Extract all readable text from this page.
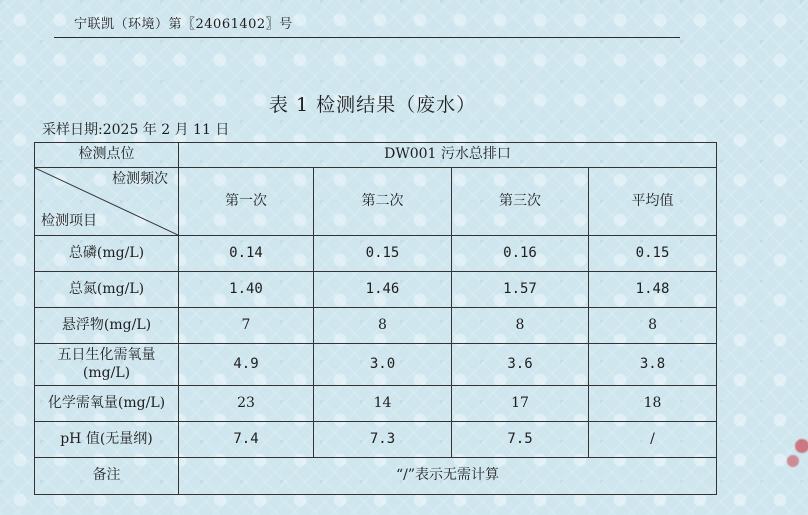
宁联凯（环境）第〖24061402〗号
表 1 检测结果（废水）
采样日期:2025 年 2 月 11 日
检测点位	DW001 污水总排口			

检测频次
检测项目	第一次	第二次	第三次	平均值
总磷(mg/L)	0.14	0.15	0.16	0.15
总氮(mg/L)	1.40	1.46	1.57	1.48
悬浮物(mg/L)	7	8	8	8
五日生化需氧量
(mg/L)	4.9	3.0	3.6	3.8
化学需氧量(mg/L)	23	14	17	18
pH 值(无量纲)	7.4	7.3	7.5	/
备注	“/”表示无需计算			
